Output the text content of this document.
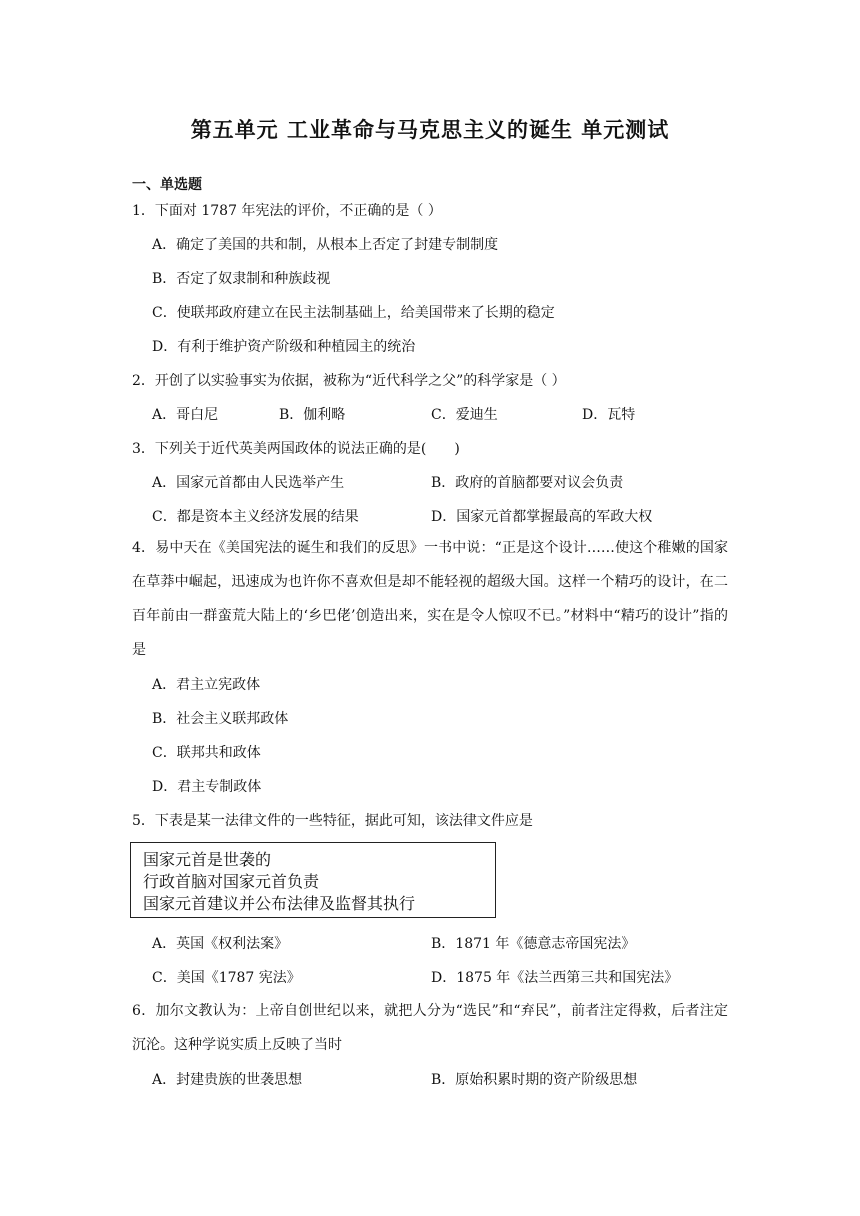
第五单元 工业革命与马克思主义的诞生 单元测试
一、单选题
1．下面对 1787 年宪法的评价，不正确的是（ ）
A．确定了美国的共和制，从根本上否定了封建专制制度
B．否定了奴隶制和种族歧视
C．使联邦政府建立在民主法制基础上，给美国带来了长期的稳定
D．有利于维护资产阶级和种植园主的统治
2．开创了以实验事实为依据，被称为“近代科学之父”的科学家是（ ）
A．哥白尼	B．伽利略	C．爱迪生	D．瓦特
3．下列关于近代英美两国政体的说法正确的是(　　)
A．国家元首都由人民选举产生	B．政府的首脑都要对议会负责
C．都是资本主义经济发展的结果	D．国家元首都掌握最高的军政大权
4．易中天在《美国宪法的诞生和我们的反思》一书中说：“正是这个设计……使这个稚嫩的国家在草莽中崛起，迅速成为也许你不喜欢但是却不能轻视的超级大国。这样一个精巧的设计，在二百年前由一群蛮荒大陆上的‘乡巴佬’创造出来，实在是令人惊叹不已。”材料中“精巧的设计”指的是
A．君主立宪政体
B．社会主义联邦政体
C．联邦共和政体
D．君主专制政体
5．下表是某一法律文件的一些特征，据此可知，该法律文件应是
国家元首是世袭的
行政首脑对国家元首负责
国家元首建议并公布法律及监督其执行
A．英国《权利法案》	B．1871 年《德意志帝国宪法》
C．美国《1787 宪法》	D．1875 年《法兰西第三共和国宪法》
6．加尔文教认为：上帝自创世纪以来，就把人分为“选民”和“弃民”，前者注定得救，后者注定沉沦。这种学说实质上反映了当时
A．封建贵族的世袭思想	B．原始积累时期的资产阶级思想
